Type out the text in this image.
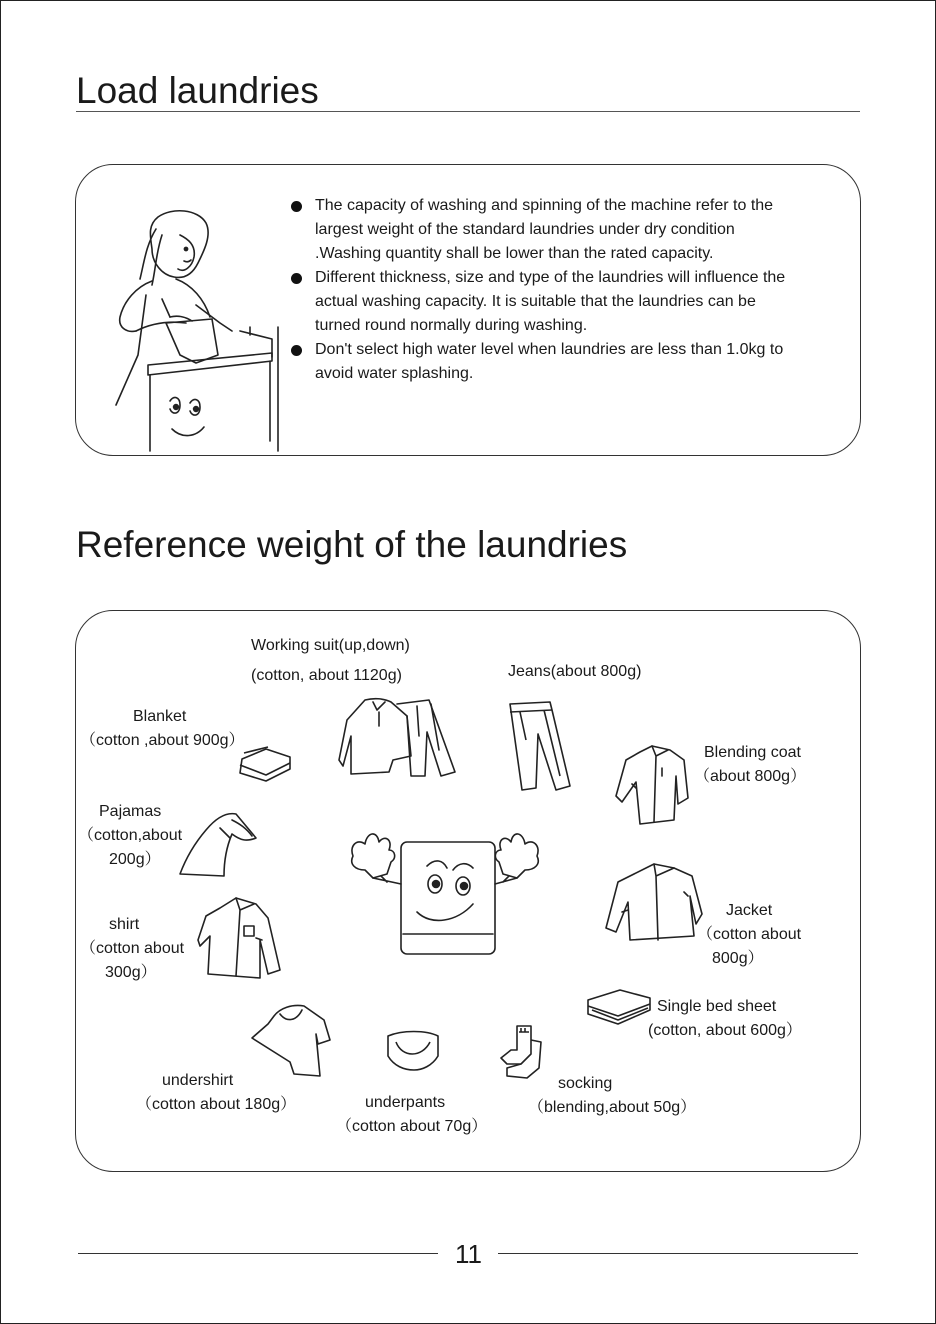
Load laundries
The capacity of washing and spinning of the machine refer to the largest weight of the standard laundries under dry condition .Washing quantity shall be lower than the rated capacity.
Different thickness, size and type of the laundries will influence the actual washing capacity. It is suitable that the laundries can be turned round normally during washing.
Don't select high water level when laundries are less than 1.0kg to avoid water splashing.
Reference weight of the laundries
Working suit(up,down)
(cotton, about 1120g)	Jeans(about 800g)
Blanket
（cotton ,about 900g）
Blending coat
（about 800g）
Pajamas
（cotton,about
200g）
shirt
（cotton about
300g）
Jacket
（cotton about
800g）
Single bed sheet
(cotton, about 600g）
undershirt
（cotton about 180g）	underpants
（cotton about 70g）
socking
（blending,about 50g）
11
